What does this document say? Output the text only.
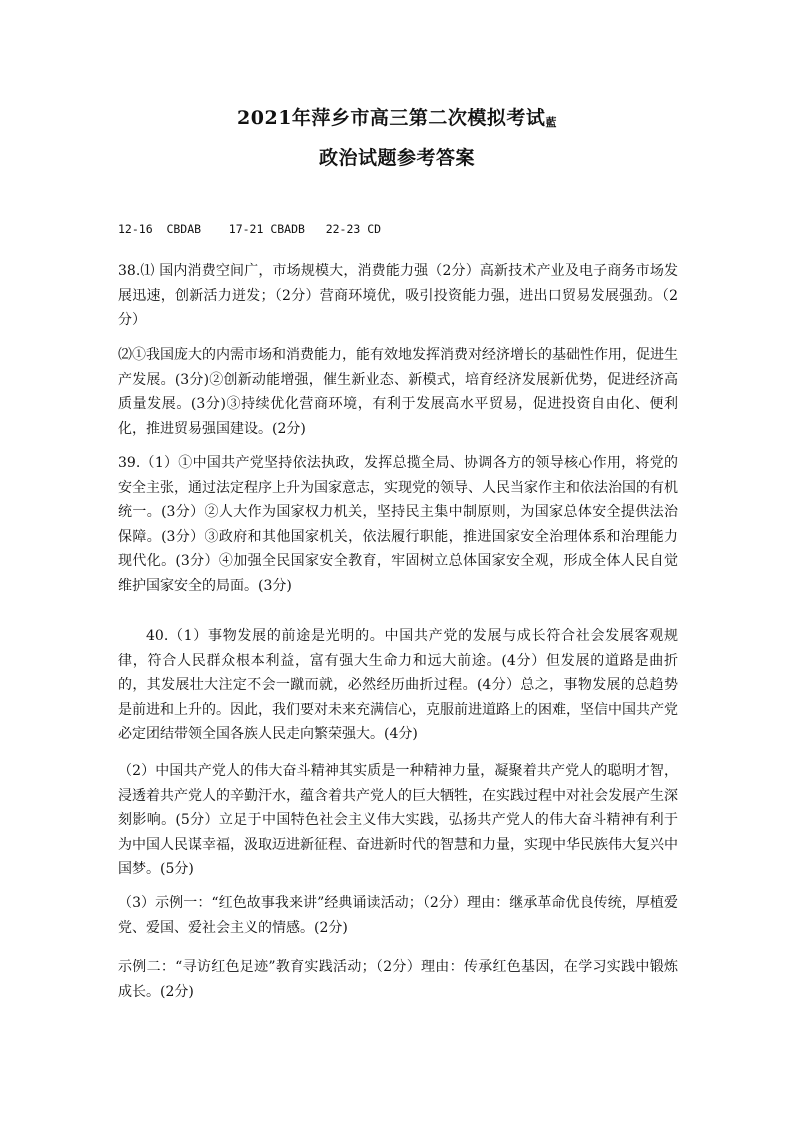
2021年萍乡市高三第二次模拟考试藍
政治试题参考答案
12-16  CBDAB    17-21 CBADB   22-23 CD
38.⑴ 国内消费空间广，市场规模大，消费能力强（2分）高新技术产业及电子商务市场发展迅速，创新活力迸发；（2分）营商环境优，吸引投资能力强，进出口贸易发展强劲。（2分）
⑵①我国庞大的内需市场和消费能力，能有效地发挥消费对经济增长的基础性作用，促进生产发展。(3分)②创新动能增强，催生新业态、新模式，培育经济发展新优势，促进经济高质量发展。(3分)③持续优化营商环境，有利于发展高水平贸易，促进投资自由化、便利化，推进贸易强国建设。(2分)
39.（1）①中国共产党坚持依法执政，发挥总揽全局、协调各方的领导核心作用，将党的安全主张，通过法定程序上升为国家意志，实现党的领导、人民当家作主和依法治国的有机统一。(3分）②人大作为国家权力机关，坚持民主集中制原则，为国家总体安全提供法治保障。(3分）③政府和其他国家机关，依法履行职能，推进国家安全治理体系和治理能力现代化。(3分）④加强全民国家安全教育，牢固树立总体国家安全观，形成全体人民自觉维护国家安全的局面。(3分)
40.（1）事物发展的前途是光明的。中国共产党的发展与成长符合社会发展客观规律，符合人民群众根本利益，富有强大生命力和远大前途。(4分）但发展的道路是曲折的，其发展壮大注定不会一蹴而就，必然经历曲折过程。(4分）总之，事物发展的总趋势是前进和上升的。因此，我们要对未来充满信心，克服前进道路上的困难，坚信中国共产党必定团结带领全国各族人民走向繁荣强大。(4分)
（2）中国共产党人的伟大奋斗精神其实质是一种精神力量，凝聚着共产党人的聪明才智，浸透着共产党人的辛勤汗水，蕴含着共产党人的巨大牺牲，在实践过程中对社会发展产生深刻影响。(5分）立足于中国特色社会主义伟大实践，弘扬共产党人的伟大奋斗精神有利于为中国人民谋幸福，汲取迈进新征程、奋进新时代的智慧和力量，实现中华民族伟大复兴中国梦。(5分)
（3）示例一：“红色故事我来讲”经典诵读活动；（2分）理由：继承革命优良传统，厚植爱党、爱国、爱社会主义的情感。(2分)
示例二：“寻访红色足迹”教育实践活动；（2分）理由：传承红色基因，在学习实践中锻炼成长。(2分)
